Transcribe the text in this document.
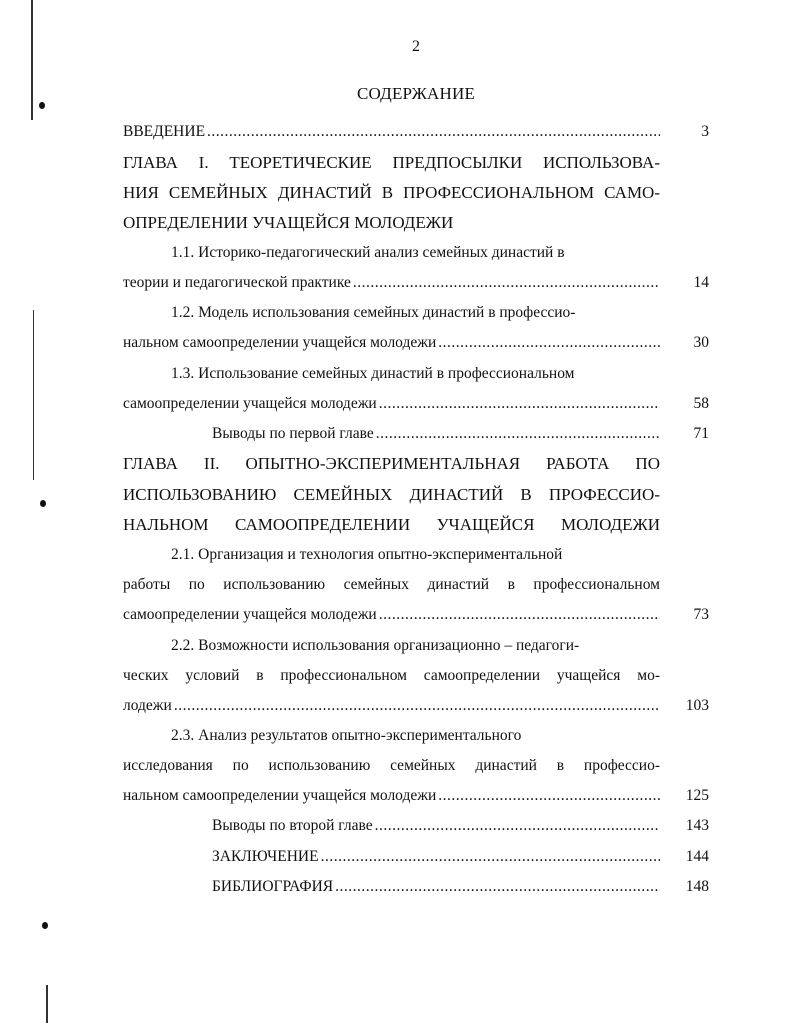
2
СОДЕРЖАНИЕ
ВВЕДЕНИЕ .....	3
ГЛАВА I. ТЕОРЕТИЧЕСКИЕ ПРЕДПОСЫЛКИ ИСПОЛЬЗОВА-
НИЯ СЕМЕЙНЫХ ДИНАСТИЙ В ПРОФЕССИОНАЛЬНОМ САМО-
ОПРЕДЕЛЕНИИ УЧАЩЕЙСЯ МОЛОДЕЖИ
1.1. Историко-педагогический анализ семейных династий в
теории и педагогической практике .....	14
1.2. Модель использования семейных династий в профессио-
нальном самоопределении учащейся молодежи .....	30
1.3. Использование семейных династий в профессиональном
самоопределении учащейся молодежи .....	58
Выводы по первой главе .....	71
ГЛАВА II. ОПЫТНО-ЭКСПЕРИМЕНТАЛЬНАЯ РАБОТА ПО
ИСПОЛЬЗОВАНИЮ СЕМЕЙНЫХ ДИНАСТИЙ В ПРОФЕССИО-
НАЛЬНОМ САМООПРЕДЕЛЕНИИ УЧАЩЕЙСЯ МОЛОДЕЖИ
2.1. Организация и технология опытно-экспериментальной
работы по использованию семейных династий в профессиональном
самоопределении учащейся молодежи .....	73
2.2. Возможности использования организационно – педагоги-
ческих условий в профессиональном самоопределении учащейся мо-
лодежи .....	103
2.3. Анализ результатов опытно-экспериментального
исследования по использованию семейных династий в профессио-
нальном самоопределении учащейся молодежи .....	125
Выводы по второй главе .....	143
ЗАКЛЮЧЕНИЕ .....	144
БИБЛИОГРАФИЯ .....	148
